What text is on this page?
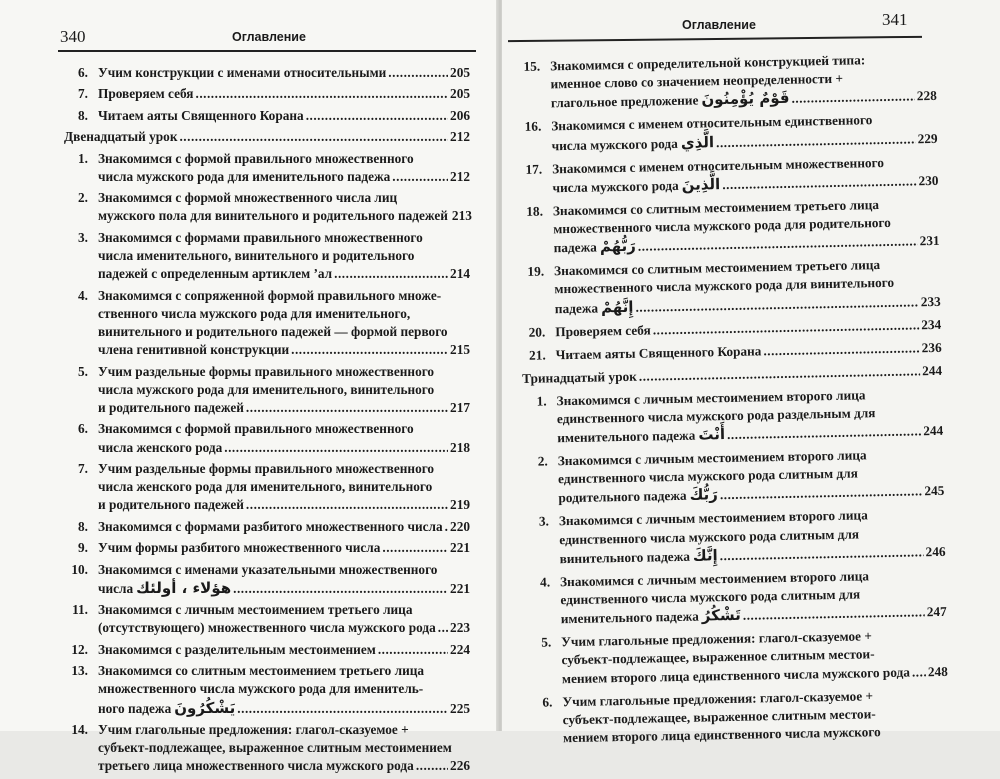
340	Оглавление
6. Учим конструкции с именами относительными .....	205
7. Проверяем себя .....	205
8. Читаем аяты Священного Корана .....	206
Двенадцатый урок .....	212
1. Знакомимся с формой правильного множественного
числа мужского рода для именительного падежа .....	212
2. Знакомимся с формой множественного числа лиц
мужского пола для винительного и родительного падежей 213
3. Знакомимся с формами правильного множественного
числа именительного, винительного и родительного
падежей с определенным артиклем ʼал .....	214
4. Знакомимся с сопряженной формой правильного множе-
ственного числа мужского рода для именительного,
винительного и родительного падежей — формой первого
члена генитивной конструкции .....	215
5. Учим раздельные формы правильного множественного
числа мужского рода для именительного, винительного
и родительного падежей .....	217
6. Знакомимся с формой правильного множественного
числа женского рода .....	218
7. Учим раздельные формы правильного множественного
числа женского рода для именительного, винительного
и родительного падежей .....	219
8. Знакомимся с формами разбитого множественного числа ..... 220
9. Учим формы разбитого множественного числа .....	221
10. Знакомимся с именами указательными множественного
числа هؤلاء ، أولئك .....	221
11. Знакомимся с личным местоимением третьего лица
(отсутствующего) множественного числа мужского рода ..... 223
12. Знакомимся с разделительным местоимением .....	224
13. Знакомимся со слитным местоимением третьего лица
множественного числа мужского рода для именитель-
ного падежа يَشْكُرُونَ .....	225
14. Учим глагольные предложения: глагол-сказуемое +
субъект-подлежащее, выраженное слитным местоимением
третьего лица множественного числа мужского рода .....	226
341
Оглавление
15. Знакомимся с определительной конструкцией типа:
именное слово со значением неопределенности +
глагольное предложение قَوْمٌ يُؤْمِنُونَ .....	228
16. Знакомимся с именем относительным единственного
числа мужского рода الَّذِي .....	229
17. Знакомимся с именем относительным множественного
числа мужского рода الَّذِينَ .....	230
18. Знакомимся со слитным местоимением третьего лица
множественного числа мужского рода для родительного
падежа رَبُّهُمْ .....	231
19. Знакомимся со слитным местоимением третьего лица
множественного числа мужского рода для винительного
падежа إِنَّهُمْ .....	233
20. Проверяем себя .....	234
21. Читаем аяты Священного Корана .....	236
Тринадцатый урок .....	244
1. Знакомимся с личным местоимением второго лица
единственного числа мужского рода раздельным для
именительного падежа أَنْتَ .....	244
2. Знакомимся с личным местоимением второго лица
единственного числа мужского рода слитным для
родительного падежа رَبُّكَ .....	245
3. Знакомимся с личным местоимением второго лица
единственного числа мужского рода слитным для
винительного падежа إِنَّكَ .....	246
4. Знакомимся с личным местоимением второго лица
единственного числа мужского рода слитным для
именительного падежа تَشْكُرُ .....	247
5. Учим глагольные предложения: глагол-сказуемое +
субъект-подлежащее, выраженное слитным местои-
мением второго лица единственного числа мужского рода ..... 248
6. Учим глагольные предложения: глагол-сказуемое +
субъект-подлежащее, выраженное слитным местои-
мением второго лица единственного числа мужского
